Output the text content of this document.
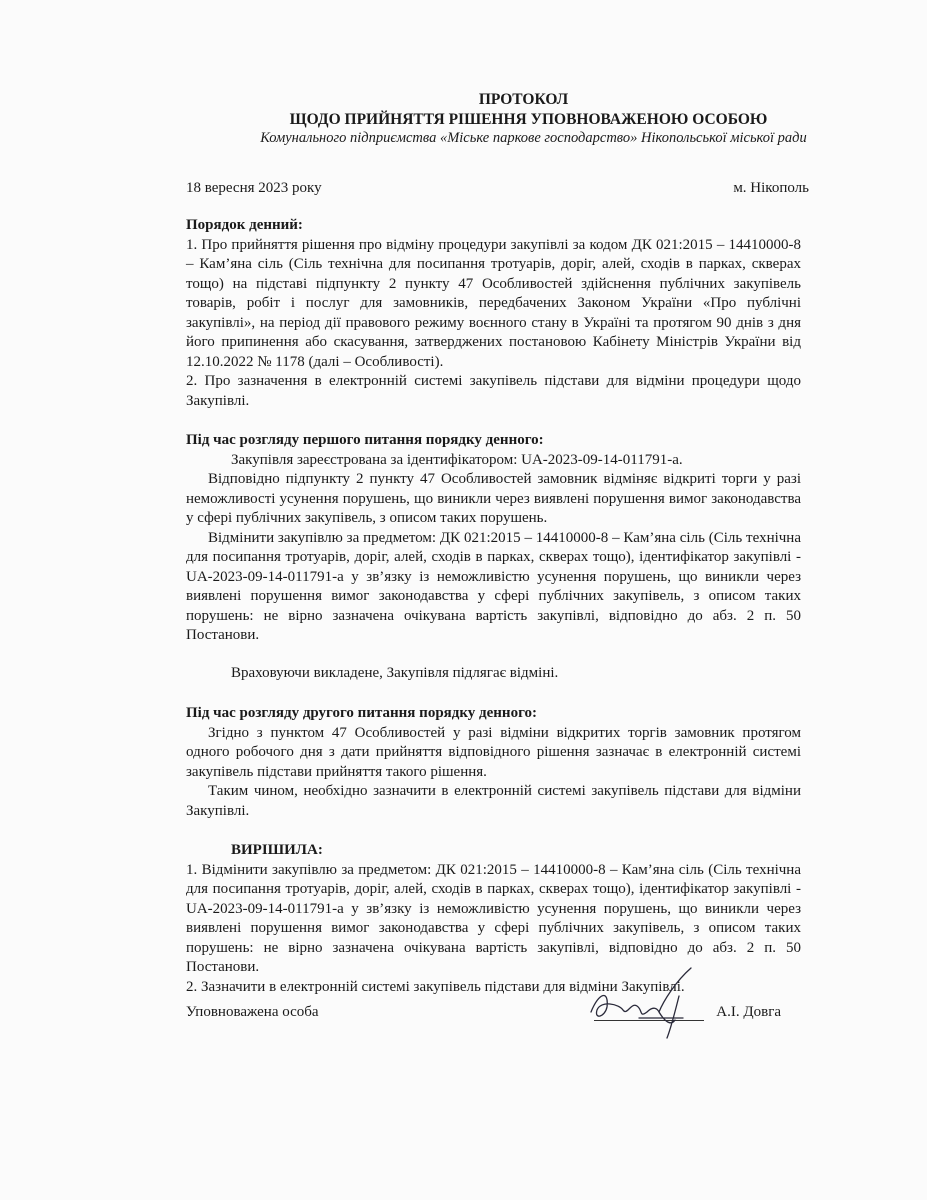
ПРОТОКОЛ
ЩОДО ПРИЙНЯТТЯ РІШЕННЯ УПОВНОВАЖЕНОЮ ОСОБОЮ
Комунального підприємства «Міське паркове господарство» Нікопольської міської ради
18 вересня 2023 року	м. Нікополь
Порядок денний:

1. Про прийняття рішення про відміну процедури закупівлі за кодом ДК 021:2015 – 14410000-8 – Кам’яна сіль (Сіль технічна для посипання тротуарів, доріг, алей, сходів в парках, скверах тощо) на підставі підпункту 2 пункту 47 Особливостей здійснення публічних закупівель товарів, робіт і послуг для замовників, передбачених Законом України «Про публічні закупівлі», на період дії правового режиму воєнного стану в Україні та протягом 90 днів з дня його припинення або скасування, затверджених постановою Кабінету Міністрів України від 12.10.2022 № 1178 (далі – Особливості).

2. Про зазначення в електронній системі закупівель підстави для відміни процедури щодо Закупівлі.

Під час розгляду першого питання порядку денного:

Закупівля зареєстрована за ідентифікатором: UA-2023-09-14-011791-а.

Відповідно підпункту 2 пункту 47 Особливостей замовник відміняє відкриті торги у разі неможливості усунення порушень, що виникли через виявлені порушення вимог законодавства у сфері публічних закупівель, з описом таких порушень.

Відмінити закупівлю за предметом: ДК 021:2015 – 14410000-8 – Кам’яна сіль (Сіль технічна для посипання тротуарів, доріг, алей, сходів в парках, скверах тощо), ідентифікатор закупівлі - UA-2023-09-14-011791-а у зв’язку із неможливістю усунення порушень, що виникли через виявлені порушення вимог законодавства у сфері публічних закупівель, з описом таких порушень: не вірно зазначена очікувана вартість закупівлі, відповідно до абз. 2 п. 50 Постанови.

Враховуючи викладене, Закупівля підлягає відміні.

Під час розгляду другого питання порядку денного:

Згідно з пунктом 47 Особливостей у разі відміни відкритих торгів замовник протягом одного робочого дня з дати прийняття відповідного рішення зазначає в електронній системі закупівель підстави прийняття такого рішення.

Таким чином, необхідно зазначити в електронній системі закупівель підстави для відміни Закупівлі.

ВИРІШИЛА:

1. Відмінити закупівлю за предметом: ДК 021:2015 – 14410000-8 – Кам’яна сіль (Сіль технічна для посипання тротуарів, доріг, алей, сходів в парках, скверах тощо), ідентифікатор закупівлі - UA-2023-09-14-011791-а у зв’язку із неможливістю усунення порушень, що виникли через виявлені порушення вимог законодавства у сфері публічних закупівель, з описом таких порушень: не вірно зазначена очікувана вартість закупівлі, відповідно до абз. 2 п. 50 Постанови.

2. Зазначити в електронній системі закупівель підстави для відміни Закупівлі.

Уповноважена особа	А.І. Довга
